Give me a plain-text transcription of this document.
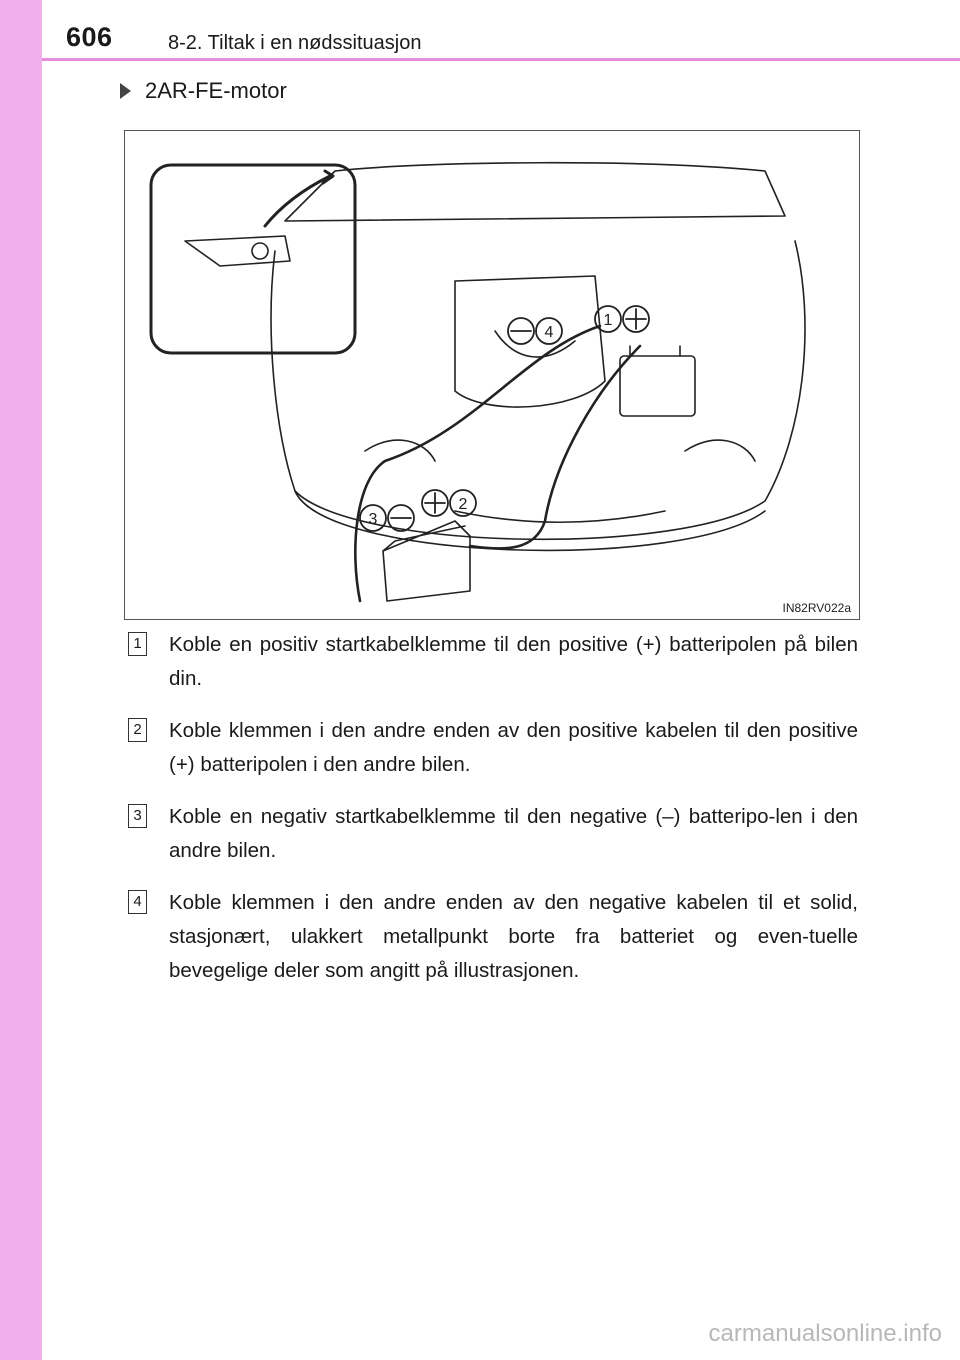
606	8-2. Tiltak i en nødssituasjon
2AR-FE-motor
1
2
3
4
IN82RV022a
1 Koble en positiv startkabelklemme til den positive (+) batteripolen på bilen din.
2 Koble klemmen i den andre enden av den positive kabelen til den positive (+) batteripolen i den andre bilen.
3 Koble en negativ startkabelklemme til den negative (–) batteripo-len i den andre bilen.
4 Koble klemmen i den andre enden av den negative kabelen til et solid, stasjonært, ulakkert metallpunkt borte fra batteriet og even-tuelle bevegelige deler som angitt på illustrasjonen.
carmanualsonline.info
